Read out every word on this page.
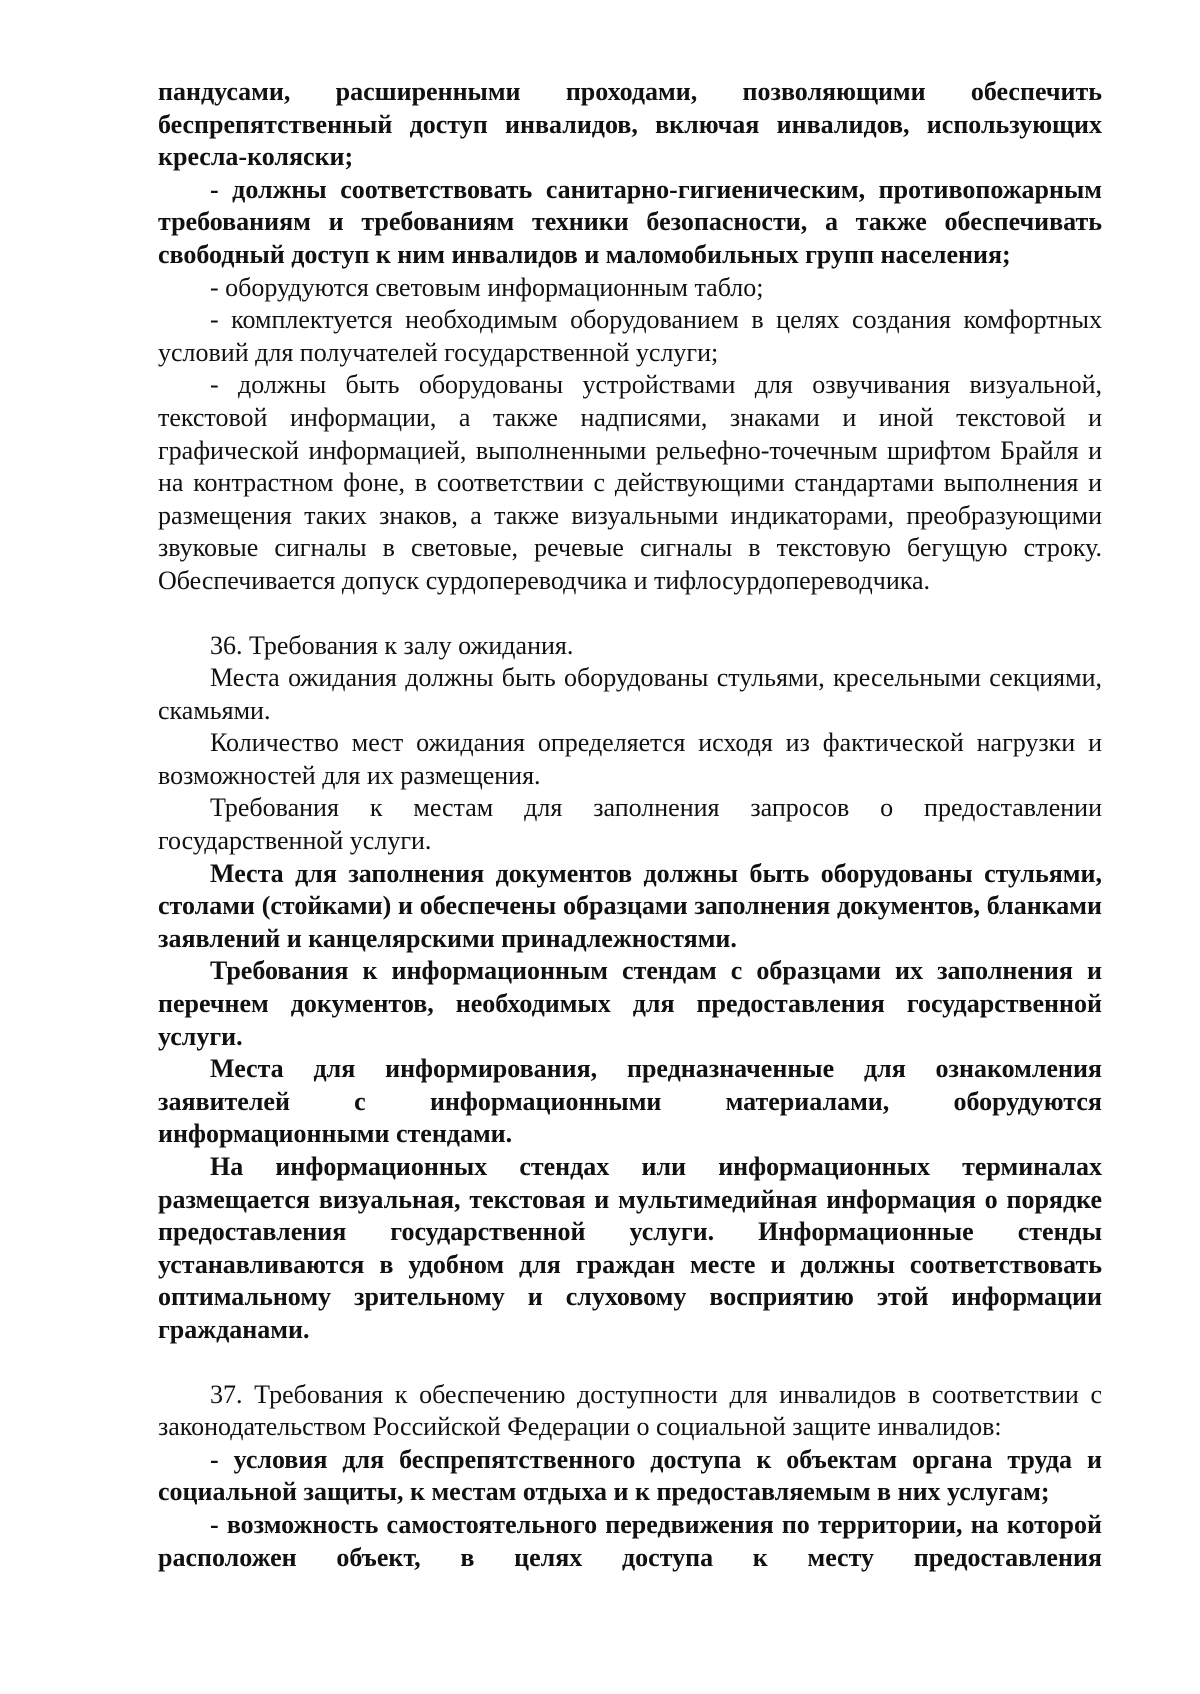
пандусами, расширенными проходами, позволяющими обеспечить беспрепятственный доступ инвалидов, включая инвалидов, использующих кресла-коляски;

- должны соответствовать санитарно-гигиеническим, противопожарным требованиям и требованиям техники безопасности, а также обеспечивать свободный доступ к ним инвалидов и маломобильных групп населения;

- оборудуются световым информационным табло;

- комплектуется необходимым оборудованием в целях создания комфортных условий для получателей государственной услуги;

- должны быть оборудованы устройствами для озвучивания визуальной, текстовой информации, а также надписями, знаками и иной текстовой и графической информацией, выполненными рельефно-точечным шрифтом Брайля и на контрастном фоне, в соответствии с действующими стандартами выполнения и размещения таких знаков, а также визуальными индикаторами, преобразующими звуковые сигналы в световые, речевые сигналы в текстовую бегущую строку. Обеспечивается допуск сурдопереводчика и тифлосурдопереводчика.

36. Требования к залу ожидания.

Места ожидания должны быть оборудованы стульями, кресельными секциями, скамьями.

Количество мест ожидания определяется исходя из фактической нагрузки и возможностей для их размещения.

Требования к местам для заполнения запросов о предоставлении государственной услуги.

Места для заполнения документов должны быть оборудованы стульями, столами (стойками) и обеспечены образцами заполнения документов, бланками заявлений и канцелярскими принадлежностями.

Требования к информационным стендам с образцами их заполнения и перечнем документов, необходимых для предоставления государственной услуги.

Места для информирования, предназначенные для ознакомления заявителей с информационными материалами, оборудуются информационными стендами.

На информационных стендах или информационных терминалах размещается визуальная, текстовая и мультимедийная информация о порядке предоставления государственной услуги. Информационные стенды устанавливаются в удобном для граждан месте и должны соответствовать оптимальному зрительному и слуховому восприятию этой информации гражданами.

37. Требования к обеспечению доступности для инвалидов в соответствии с законодательством Российской Федерации о социальной защите инвалидов:

- условия для беспрепятственного доступа к объектам органа труда и социальной защиты, к местам отдыха и к предоставляемым в них услугам;

- возможность самостоятельного передвижения по территории, на которой расположен объект, в целях доступа к месту предоставления
